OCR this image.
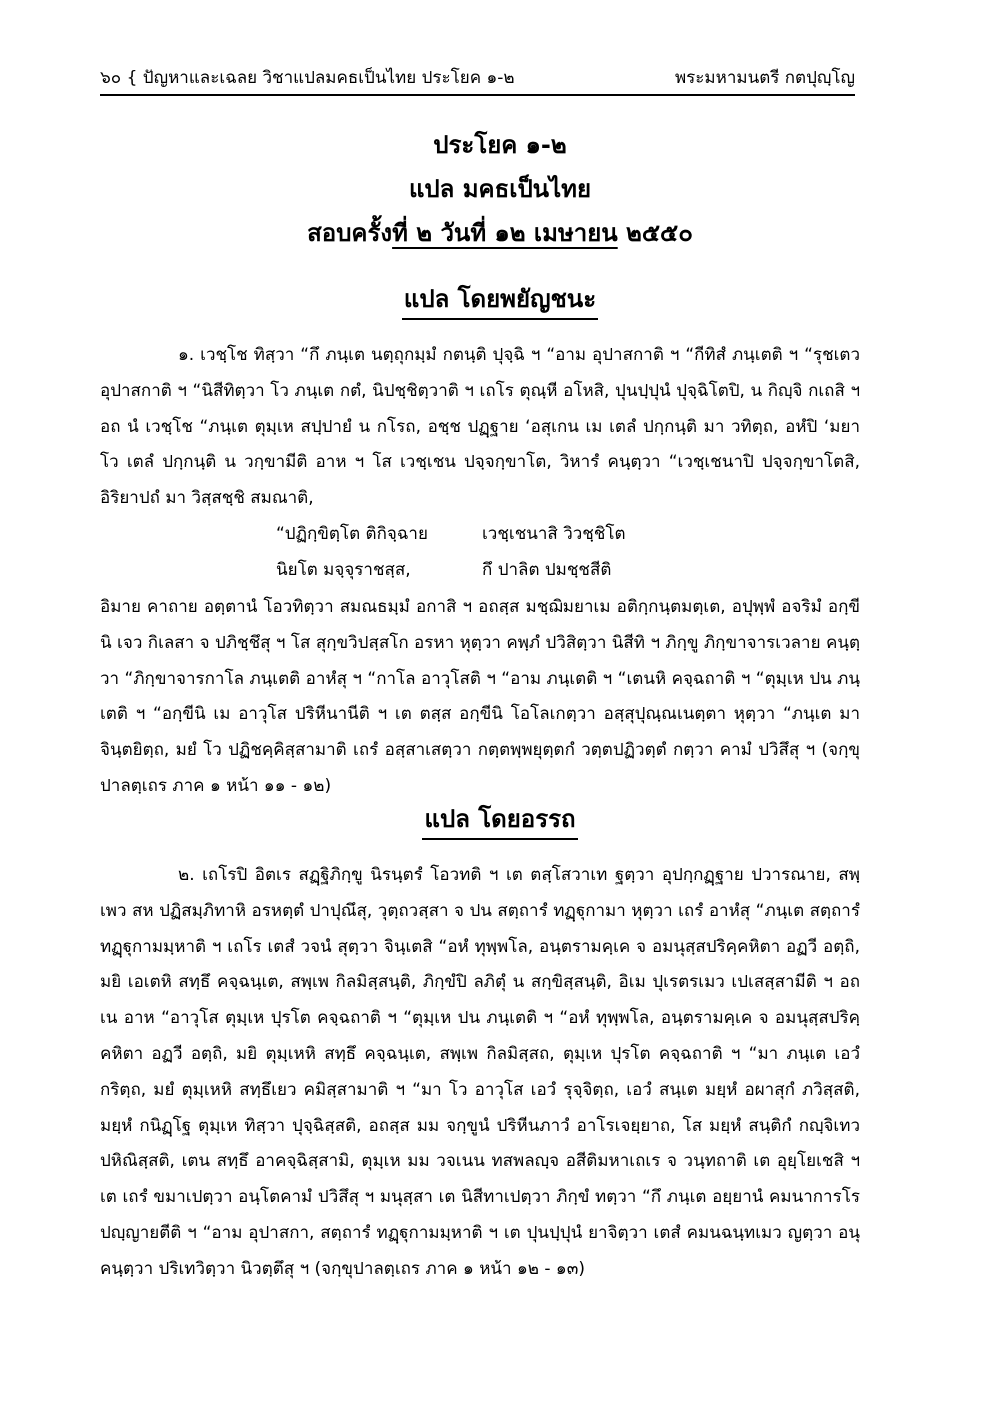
๖๐ { ปัญหาและเฉลย วิชาแปลมคธเป็นไทย ประโยค ๑-๒	พระมหามนตรี กตปุญฺโญ
ประโยค ๑-๒
แปล มคธเป็นไทย
สอบครั้งที่ ๒ วันที่ ๑๒ เมษายน ๒๕๕๐
แปล โดยพยัญชนะ
๑. เวชฺโช ทิสฺวา “กึ ภนฺเต นตฺถุกมฺมํ กตนฺติ ปุจฺฉิ ฯ “อาม อุปาสกาติ ฯ “กีทิสํ ภนฺเตติ ฯ “รุชเตว อุปาสกาติ ฯ “นิสีทิตฺวา โว ภนฺเต กตํ, นิปชฺชิตฺวาติ ฯ เถโร ตุณฺหี อโหสิ, ปุนปฺปุนํ ปุจฺฉิโตปิ, น กิญฺจิ กเถสิ ฯ อถ นํ เวชฺโช “ภนฺเต ตุมฺเห สปฺปายํ น กโรถ, อชฺช ปฏฺฐาย ‘อสุเกน เม เตลํ ปกฺกนฺติ มา วทิตฺถ, อหํปิ ‘มยา โว เตลํ ปกฺกนฺติ น วกฺขามีติ อาห ฯ โส เวชฺเชน ปจฺจกฺขาโต, วิหารํ คนฺตฺวา “เวชฺเชนาปิ ปจฺจกฺขาโตสิ, อิริยาปถํ มา วิสฺสชฺชิ สมณาติ,
“ปฏิกฺขิตฺโต ติกิจฺฉาย	เวชฺเชนาสิ วิวชฺชิโต
นิยโต มจฺจุราชสฺส,	กึ ปาลิต ปมชฺชสีติ
อิมาย คาถาย อตฺตานํ โอวทิตฺวา สมณธมฺมํ อกาสิ ฯ อถสฺส มชฺฌิมยาเม อติกฺกนฺตมตฺเต, อปุพฺพํ อจริมํ อกฺขีนิ เจว กิเลสา จ ปภิชฺชึสุ ฯ โส สุกฺขวิปสฺสโก อรหา หุตฺวา คพฺภํ ปวิสิตฺวา นิสีทิ ฯ ภิกฺขู ภิกฺขาจารเวลาย คนฺตฺวา “ภิกฺขาจารกาโล ภนฺเตติ อาหํสุ ฯ “กาโล อาวุโสติ ฯ “อาม ภนฺเตติ ฯ “เตนหิ คจฺฉถาติ ฯ “ตุมฺเห ปน ภนฺเตติ ฯ “อกฺขีนิ เม อาวุโส ปริหีนานีติ ฯ เต ตสฺส อกฺขีนิ โอโลเกตฺวา อสฺสุปุณฺณเนตฺตา หุตฺวา “ภนฺเต มา จินฺตยิตฺถ, มยํ โว ปฏิชคฺคิสฺสามาติ เถรํ อสฺสาเสตฺวา กตฺตพฺพยุตฺตกํ วตฺตปฏิวตฺตํ กตฺวา คามํ ปวิสึสุ ฯ (จกฺขุปาลตฺเถร ภาค ๑ หน้า ๑๑ - ๑๒)
แปล โดยอรรถ
๒. เถโรปิ อิตเร สฏฺฐิภิกฺขู นิรนฺตรํ โอวทติ ฯ เต ตสฺโสวาเท ฐตฺวา อุปกฺกฏฺฐาย ปวารณาย, สพฺเพว สห ปฏิสมฺภิทาหิ อรหตฺตํ ปาปุณึสุ, วุตฺถวสฺสา จ ปน สตฺถารํ ทฏฺฐุกามา หุตฺวา เถรํ อาหํสุ “ภนฺเต สตฺถารํ ทฏฺฐุกามมฺหาติ ฯ เถโร เตสํ วจนํ สุตฺวา จินฺเตสิ “อหํ ทุพฺพโล, อนฺตรามคฺเค จ อมนุสฺสปริคฺคหิตา อฏวี อตฺถิ, มยิ เอเตหิ สทฺธึ คจฺฉนฺเต, สพฺเพ กิลมิสฺสนฺติ, ภิกฺขํปิ ลภิตุํ น สกฺขิสฺสนฺติ, อิเม ปุเรตรเมว เปเสสฺสามีติ ฯ อถ เน อาห “อาวุโส ตุมฺเห ปุรโต คจฺฉถาติ ฯ “ตุมฺเห ปน ภนฺเตติ ฯ “อหํ ทุพฺพโล, อนฺตรามคฺเค จ อมนุสฺสปริคฺคหิตา อฏวี อตฺถิ, มยิ ตุมฺเหหิ สทฺธึ คจฺฉนฺเต, สพฺเพ กิลมิสฺสถ, ตุมฺเห ปุรโต คจฺฉถาติ ฯ “มา ภนฺเต เอวํ กริตฺถ, มยํ ตุมฺเหหิ สทฺธึเยว คมิสฺสามาติ ฯ “มา โว อาวุโส เอวํ รุจฺจิตฺถ, เอวํ สนฺเต มยฺหํ อผาสุกํ ภวิสฺสติ, มยฺหํ กนิฏฺโฐ ตุมฺเห ทิสฺวา ปุจฺฉิสฺสติ, อถสฺส มม จกฺขูนํ ปริหีนภาวํ อาโรเจยฺยาถ, โส มยฺหํ สนฺติกํ กญฺจิเทว ปหิณิสฺสติ, เตน สทฺธึ อาคจฺฉิสฺสามิ, ตุมฺเห มม วจเนน ทสพลญฺจ อสีติมหาเถเร จ วนฺทถาติ เต อุยฺโยเชสิ ฯ เต เถรํ ขมาเปตฺวา อนฺโตคามํ ปวิสึสุ ฯ มนุสฺสา เต นิสีทาเปตฺวา ภิกฺขํ ทตฺวา “กึ ภนฺเต อยฺยานํ คมนาการโร ปญฺญายตีติ ฯ “อาม อุปาสกา, สตฺถารํ ทฏฺฐุกามมฺหาติ ฯ เต ปุนปฺปุนํ ยาจิตฺวา เตสํ คมนฉนฺทเมว ญตฺวา อนุคนฺตฺวา ปริเทวิตฺวา นิวตฺตึสุ ฯ (จกฺขุปาลตฺเถร ภาค ๑ หน้า ๑๒ - ๑๓)
